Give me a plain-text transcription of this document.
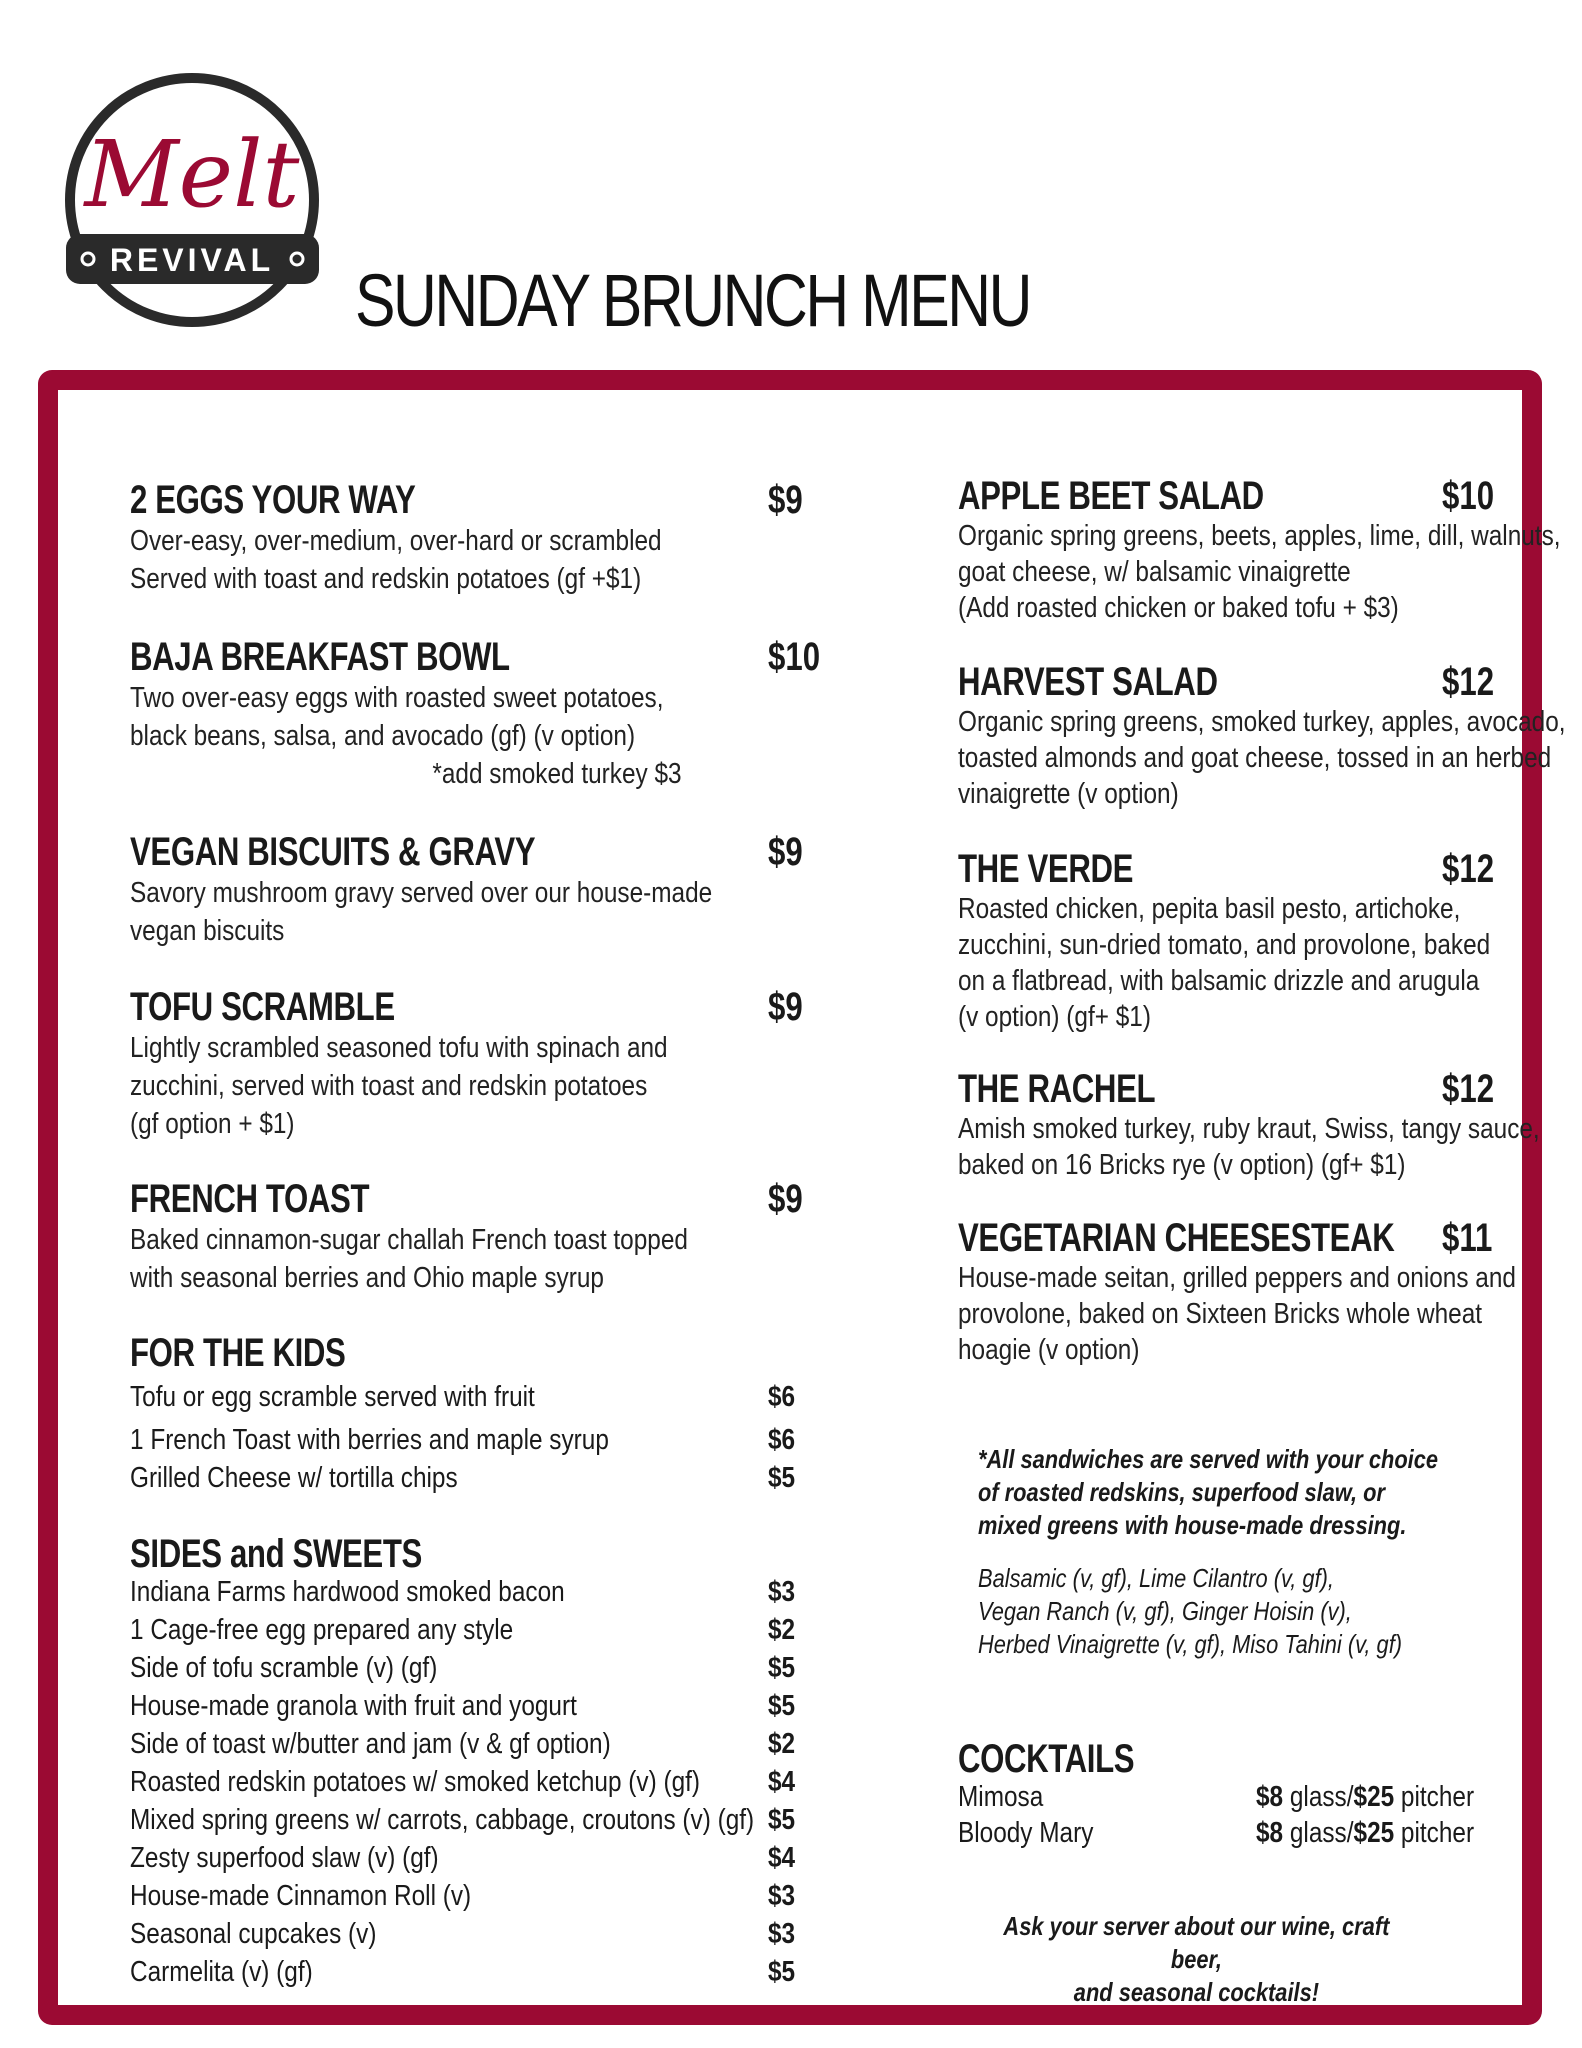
Melt
REVIVAL SUNDAY BRUNCH MENU
2 EGGS YOUR WAY	$9
Over-easy, over-medium, over-hard or scrambled
Served with toast and redskin potatoes (gf +$1)
BAJA BREAKFAST BOWL	$10
Two over-easy eggs with roasted sweet potatoes,
black beans, salsa, and avocado (gf) (v option)
*add smoked turkey $3
VEGAN BISCUITS & GRAVY	$9
Savory mushroom gravy served over our house-made
vegan biscuits
TOFU SCRAMBLE	$9
Lightly scrambled seasoned tofu with spinach and
zucchini, served with toast and redskin potatoes
(gf option + $1)
FRENCH TOAST	$9
Baked cinnamon-sugar challah French toast topped
with seasonal berries and Ohio maple syrup
FOR THE KIDS
Tofu or egg scramble served with fruit	$6
1 French Toast with berries and maple syrup	$6
Grilled Cheese w/ tortilla chips	$5
SIDES and SWEETS
Indiana Farms hardwood smoked bacon	$3
1 Cage-free egg prepared any style	$2
Side of tofu scramble (v) (gf)	$5
House-made granola with fruit and yogurt	$5
Side of toast w/butter and jam (v & gf option)	$2
Roasted redskin potatoes w/ smoked ketchup (v) (gf) $4
Mixed spring greens w/ carrots, cabbage, croutons (v) (gf) $5
Zesty superfood slaw (v) (gf)	$4
House-made Cinnamon Roll (v)	$3
Seasonal cupcakes (v)	$3
Carmelita (v) (gf)	$5
APPLE BEET SALAD	$10
Organic spring greens, beets, apples, lime, dill, walnuts,
goat cheese, w/ balsamic vinaigrette
(Add roasted chicken or baked tofu + $3)
HARVEST SALAD	$12
Organic spring greens, smoked turkey, apples, avocado,
toasted almonds and goat cheese, tossed in an herbed
vinaigrette (v option)
THE VERDE	$12
Roasted chicken, pepita basil pesto, artichoke,
zucchini, sun-dried tomato, and provolone, baked
on a flatbread, with balsamic drizzle and arugula
(v option) (gf+ $1)
THE RACHEL	$12
Amish smoked turkey, ruby kraut, Swiss, tangy sauce,
baked on 16 Bricks rye (v option) (gf+ $1)
VEGETARIAN CHEESESTEAK $11
House-made seitan, grilled peppers and onions and
provolone, baked on Sixteen Bricks whole wheat
hoagie (v option)
*All sandwiches are served with your choice
of roasted redskins, superfood slaw, or
mixed greens with house-made dressing.
Balsamic (v, gf), Lime Cilantro (v, gf),
Vegan Ranch (v, gf), Ginger Hoisin (v),
Herbed Vinaigrette (v, gf), Miso Tahini (v, gf)
COCKTAILS
Mimosa	$8 glass/$25 pitcher
Bloody Mary	$8 glass/$25 pitcher
Ask your server about our wine, craft beer,
and seasonal cocktails!
